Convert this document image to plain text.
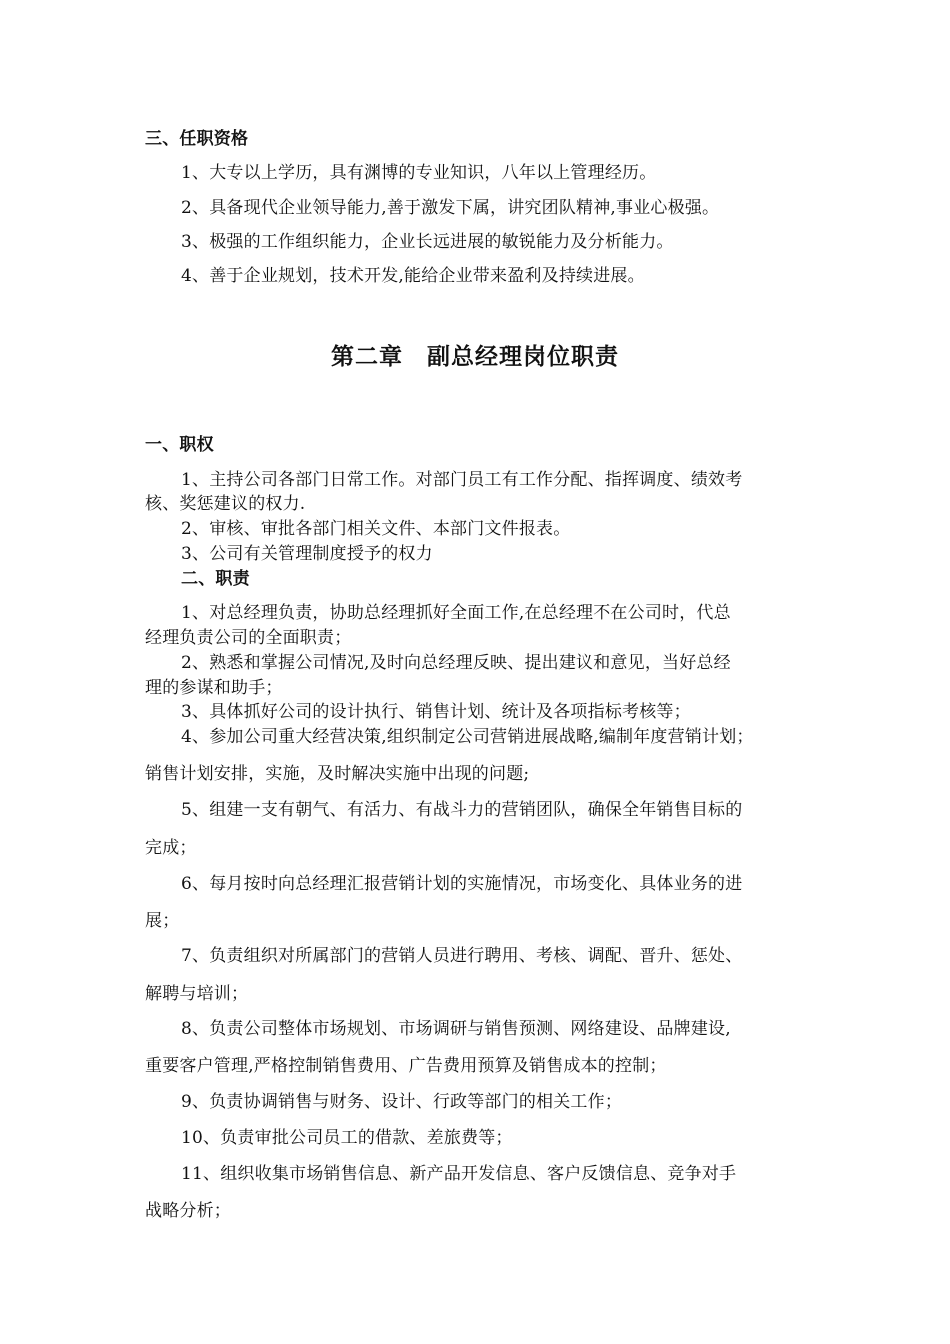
三、任职资格
1、大专以上学历，具有渊博的专业知识，八年以上管理经历。
2、具备现代企业领导能力,善于激发下属，讲究团队精神,事业心极强。
3、极强的工作组织能力，企业长远进展的敏锐能力及分析能力。
4、善于企业规划，技术开发,能给企业带来盈利及持续进展。
第二章　副总经理岗位职责
一、职权
1、主持公司各部门日常工作。对部门员工有工作分配、指挥调度、绩效考
核、奖惩建议的权力.
2、审核、审批各部门相关文件、本部门文件报表。
3、公司有关管理制度授予的权力
二、职责
1、对总经理负责，协助总经理抓好全面工作,在总经理不在公司时，代总
经理负责公司的全面职责；
2、熟悉和掌握公司情况,及时向总经理反映、提出建议和意见，当好总经
理的参谋和助手；
3、具体抓好公司的设计执行、销售计划、统计及各项指标考核等；
4、参加公司重大经营决策,组织制定公司营销进展战略,编制年度营销计划；
销售计划安排，实施，及时解决实施中出现的问题;
5、组建一支有朝气、有活力、有战斗力的营销团队，确保全年销售目标的
完成；
6、每月按时向总经理汇报营销计划的实施情况，市场变化、具体业务的进
展；
7、负责组织对所属部门的营销人员进行聘用、考核、调配、晋升、惩处、
解聘与培训；
8、负责公司整体市场规划、市场调研与销售预测、网络建设、品牌建设,
重要客户管理,严格控制销售费用、广告费用预算及销售成本的控制；
9、负责协调销售与财务、设计、行政等部门的相关工作；
10、负责审批公司员工的借款、差旅费等；
11、组织收集市场销售信息、新产品开发信息、客户反馈信息、竞争对手
战略分析；
